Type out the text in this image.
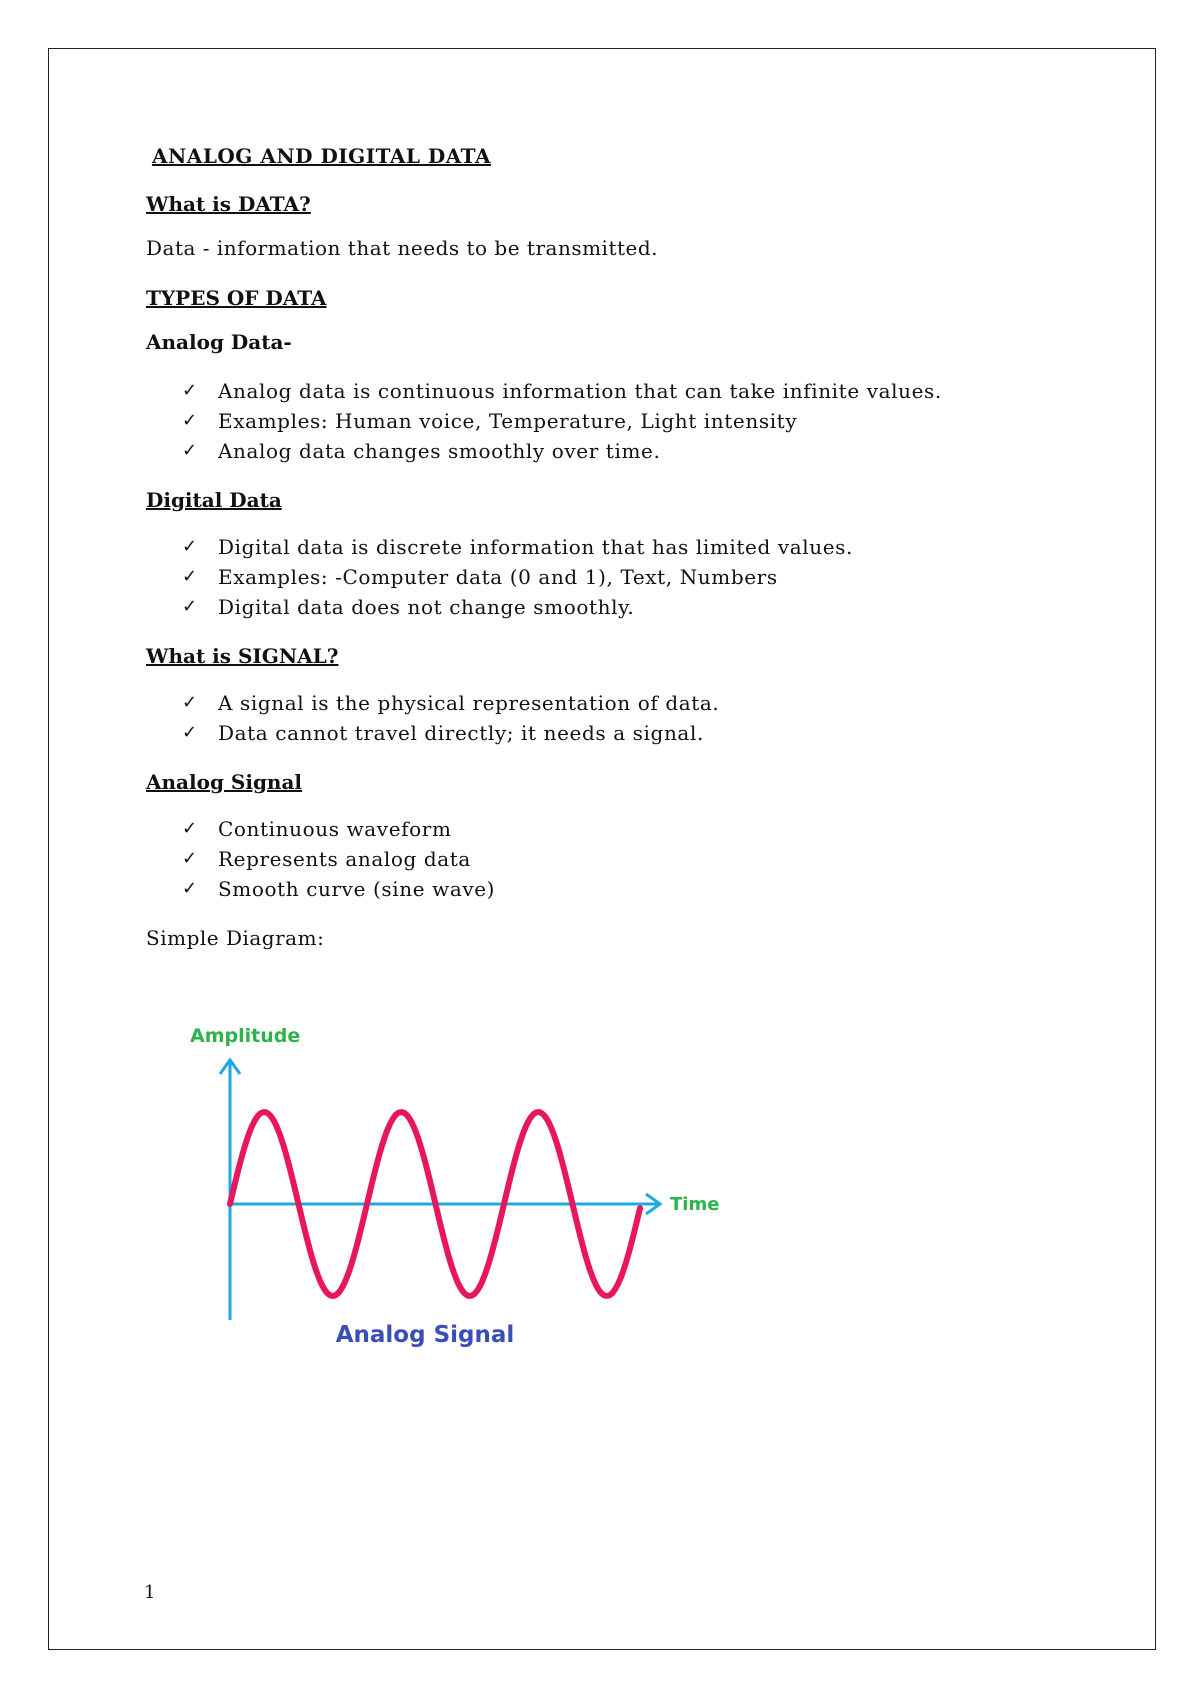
ANALOG AND DIGITAL DATA
What is DATA?
Data - information that needs to be transmitted.
TYPES OF DATA
Analog Data-
✓	Analog data is continuous information that can take infinite values.
✓	Examples: Human voice, Temperature, Light intensity
✓	Analog data changes smoothly over time.
Digital Data
✓	Digital data is discrete information that has limited values.
✓	Examples: -Computer data (0 and 1), Text, Numbers
✓	Digital data does not change smoothly.
What is SIGNAL?
✓	A signal is the physical representation of data.
✓	Data cannot travel directly; it needs a signal.
Analog Signal
✓	Continuous waveform
✓	Represents analog data
✓	Smooth curve (sine wave)
Simple Diagram:
Amplitude
Time
Analog Signal
1
